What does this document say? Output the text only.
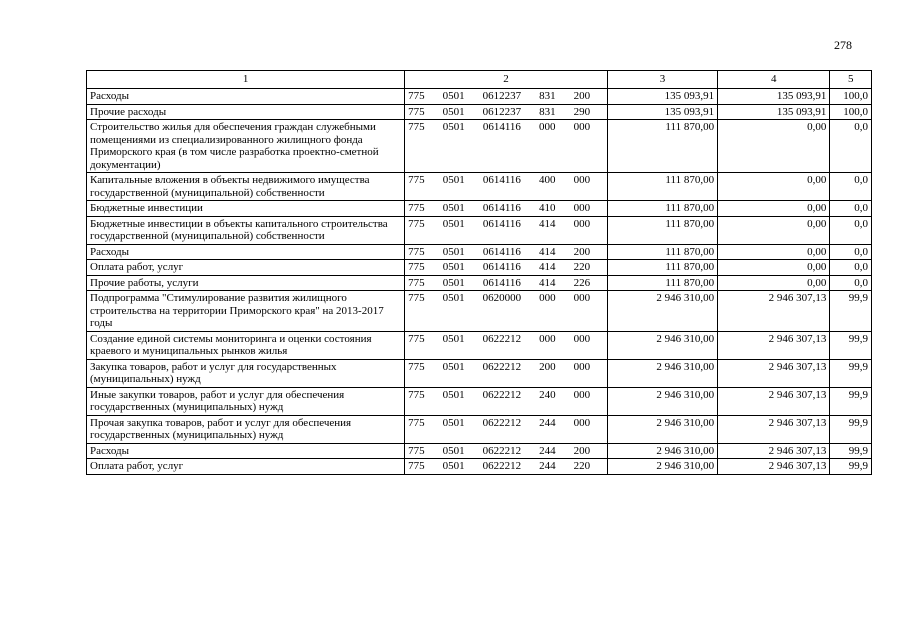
278
1	2	3	4	5
Расходы	775 0501 0612237 831 200	135 093,91	135 093,91	100,0
Прочие расходы	775 0501 0612237 831 290	135 093,91	135 093,91	100,0
Строительство жилья для обеспечения граждан служебными помещениями из специализированного жилищного фонда Приморского края (в том числе разработка проектно-сметной документации)	775 0501 0614116 000 000	111 870,00	0,00	0,0
Капитальные вложения в объекты недвижимого имущества государственной (муниципальной) собственности	775 0501 0614116 400 000	111 870,00	0,00	0,0
Бюджетные инвестиции	775 0501 0614116 410 000	111 870,00	0,00	0,0
Бюджетные инвестиции в объекты капитального строительства государственной (муниципальной) собственности	775 0501 0614116 414 000	111 870,00	0,00	0,0
Расходы	775 0501 0614116 414 200	111 870,00	0,00	0,0
Оплата работ, услуг	775 0501 0614116 414 220	111 870,00	0,00	0,0
Прочие работы, услуги	775 0501 0614116 414 226	111 870,00	0,00	0,0
Подпрограмма "Стимулирование развития жилищного строительства на территории Приморского края" на 2013-2017 годы	775 0501 0620000 000 000	2 946 310,00	2 946 307,13	99,9
Создание единой системы мониторинга и оценки состояния краевого и муниципальных рынков жилья	775 0501 0622212 000 000	2 946 310,00	2 946 307,13	99,9
Закупка товаров, работ и услуг для государственных (муниципальных) нужд	775 0501 0622212 200 000	2 946 310,00	2 946 307,13	99,9
Иные закупки товаров, работ и услуг для обеспечения государственных (муниципальных) нужд	775 0501 0622212 240 000	2 946 310,00	2 946 307,13	99,9
Прочая закупка товаров, работ и услуг для обеспечения государственных (муниципальных) нужд	775 0501 0622212 244 000	2 946 310,00	2 946 307,13	99,9
Расходы	775 0501 0622212 244 200	2 946 310,00	2 946 307,13	99,9
Оплата работ, услуг	775 0501 0622212 244 220	2 946 310,00	2 946 307,13	99,9
